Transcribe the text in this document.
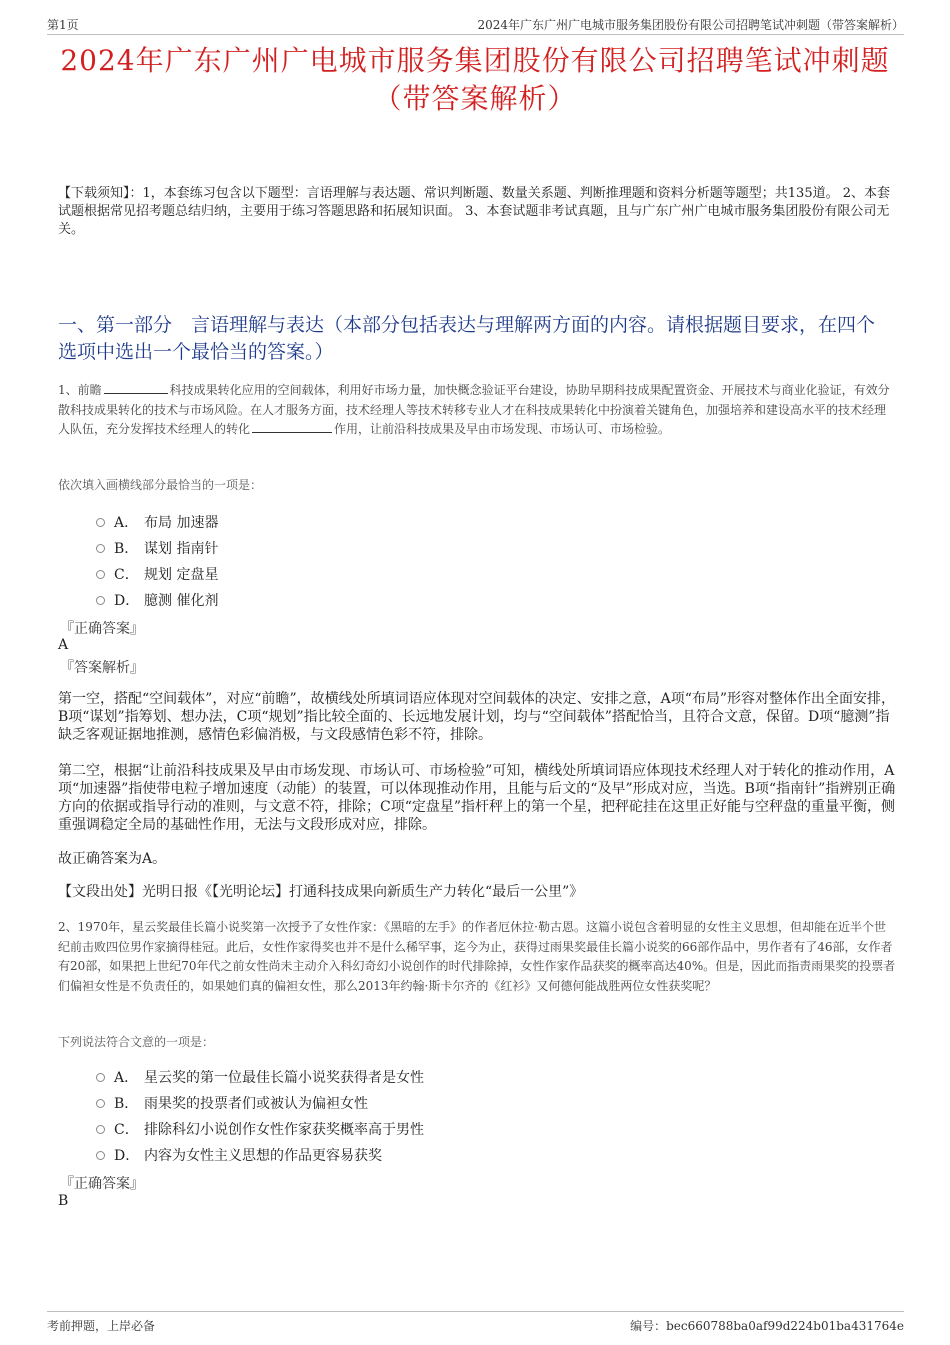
第1页	2024年广东广州广电城市服务集团股份有限公司招聘笔试冲刺题（带答案解析）
2024年广东广州广电城市服务集团股份有限公司招聘笔试冲刺题（带答案解析）
【下载须知】：1，本套练习包含以下题型：言语理解与表达题、常识判断题、数量关系题、判断推理题和资料分析题等题型；共135道。 2、本套试题根据常见招考题总结归纳，主要用于练习答题思路和拓展知识面。 3、本套试题非考试真题，且与广东广州广电城市服务集团股份有限公司无关。
一、第一部分　言语理解与表达（本部分包括表达与理解两方面的内容。请根据题目要求，在四个选项中选出一个最恰当的答案。）
1、前瞻	科技成果转化应用的空间载体，利用好市场力量，加快概念验证平台建设，协助早期科技成果配置资金、开展技术与商业化验证，有效分散科技成果转化的技术与市场风险。在人才服务方面，技术经理人等技术转移专业人才在科技成果转化中扮演着关键角色，加强培养和建设高水平的技术经理人队伍，充分发挥技术经理人的转化	作用，让前沿科技成果及早由市场发现、市场认可、市场检验。
依次填入画横线部分最恰当的一项是：
A． 布局 加速器
B． 谋划 指南针
C． 规划 定盘星
D． 臆测 催化剂
『正确答案』
A
『答案解析』
第一空，搭配“空间载体”，对应“前瞻”，故横线处所填词语应体现对空间载体的决定、安排之意，A项“布局”形容对整体作出全面安排，B项“谋划”指筹划、想办法，C项“规划”指比较全面的、长远地发展计划，均与“空间载体”搭配恰当，且符合文意，保留。D项“臆测”指缺乏客观证据地推测，感情色彩偏消极，与文段感情色彩不符，排除。
第二空，根据“让前沿科技成果及早由市场发现、市场认可、市场检验”可知，横线处所填词语应体现技术经理人对于转化的推动作用，A项“加速器”指使带电粒子增加速度（动能）的装置，可以体现推动作用，且能与后文的“及早”形成对应，当选。B项“指南针”指辨别正确方向的依据或指导行动的准则，与文意不符，排除；C项“定盘星”指杆秤上的第一个星，把秤砣挂在这里正好能与空秤盘的重量平衡，侧重强调稳定全局的基础性作用，无法与文段形成对应，排除。
故正确答案为A。
【文段出处】光明日报《【光明论坛】打通科技成果向新质生产力转化“最后一公里”》
2、1970年，星云奖最佳长篇小说奖第一次授予了女性作家：《黑暗的左手》的作者厄休拉·勒古恩。这篇小说包含着明显的女性主义思想，但却能在近半个世纪前击败四位男作家摘得桂冠。此后，女性作家得奖也并不是什么稀罕事，迄今为止，获得过雨果奖最佳长篇小说奖的66部作品中，男作者有了46部，女作者有20部，如果把上世纪70年代之前女性尚未主动介入科幻奇幻小说创作的时代排除掉，女性作家作品获奖的概率高达40%。但是，因此而指责雨果奖的投票者们偏袒女性是不负责任的，如果她们真的偏袒女性，那么2013年约翰·斯卡尔齐的《红衫》又何德何能战胜两位女性获奖呢？
下列说法符合文意的一项是：
A． 星云奖的第一位最佳长篇小说奖获得者是女性
B． 雨果奖的投票者们或被认为偏袒女性
C． 排除科幻小说创作女性作家获奖概率高于男性
D． 内容为女性主义思想的作品更容易获奖
『正确答案』
B
考前押题，上岸必备	编号：bec660788ba0af99d224b01ba431764e
